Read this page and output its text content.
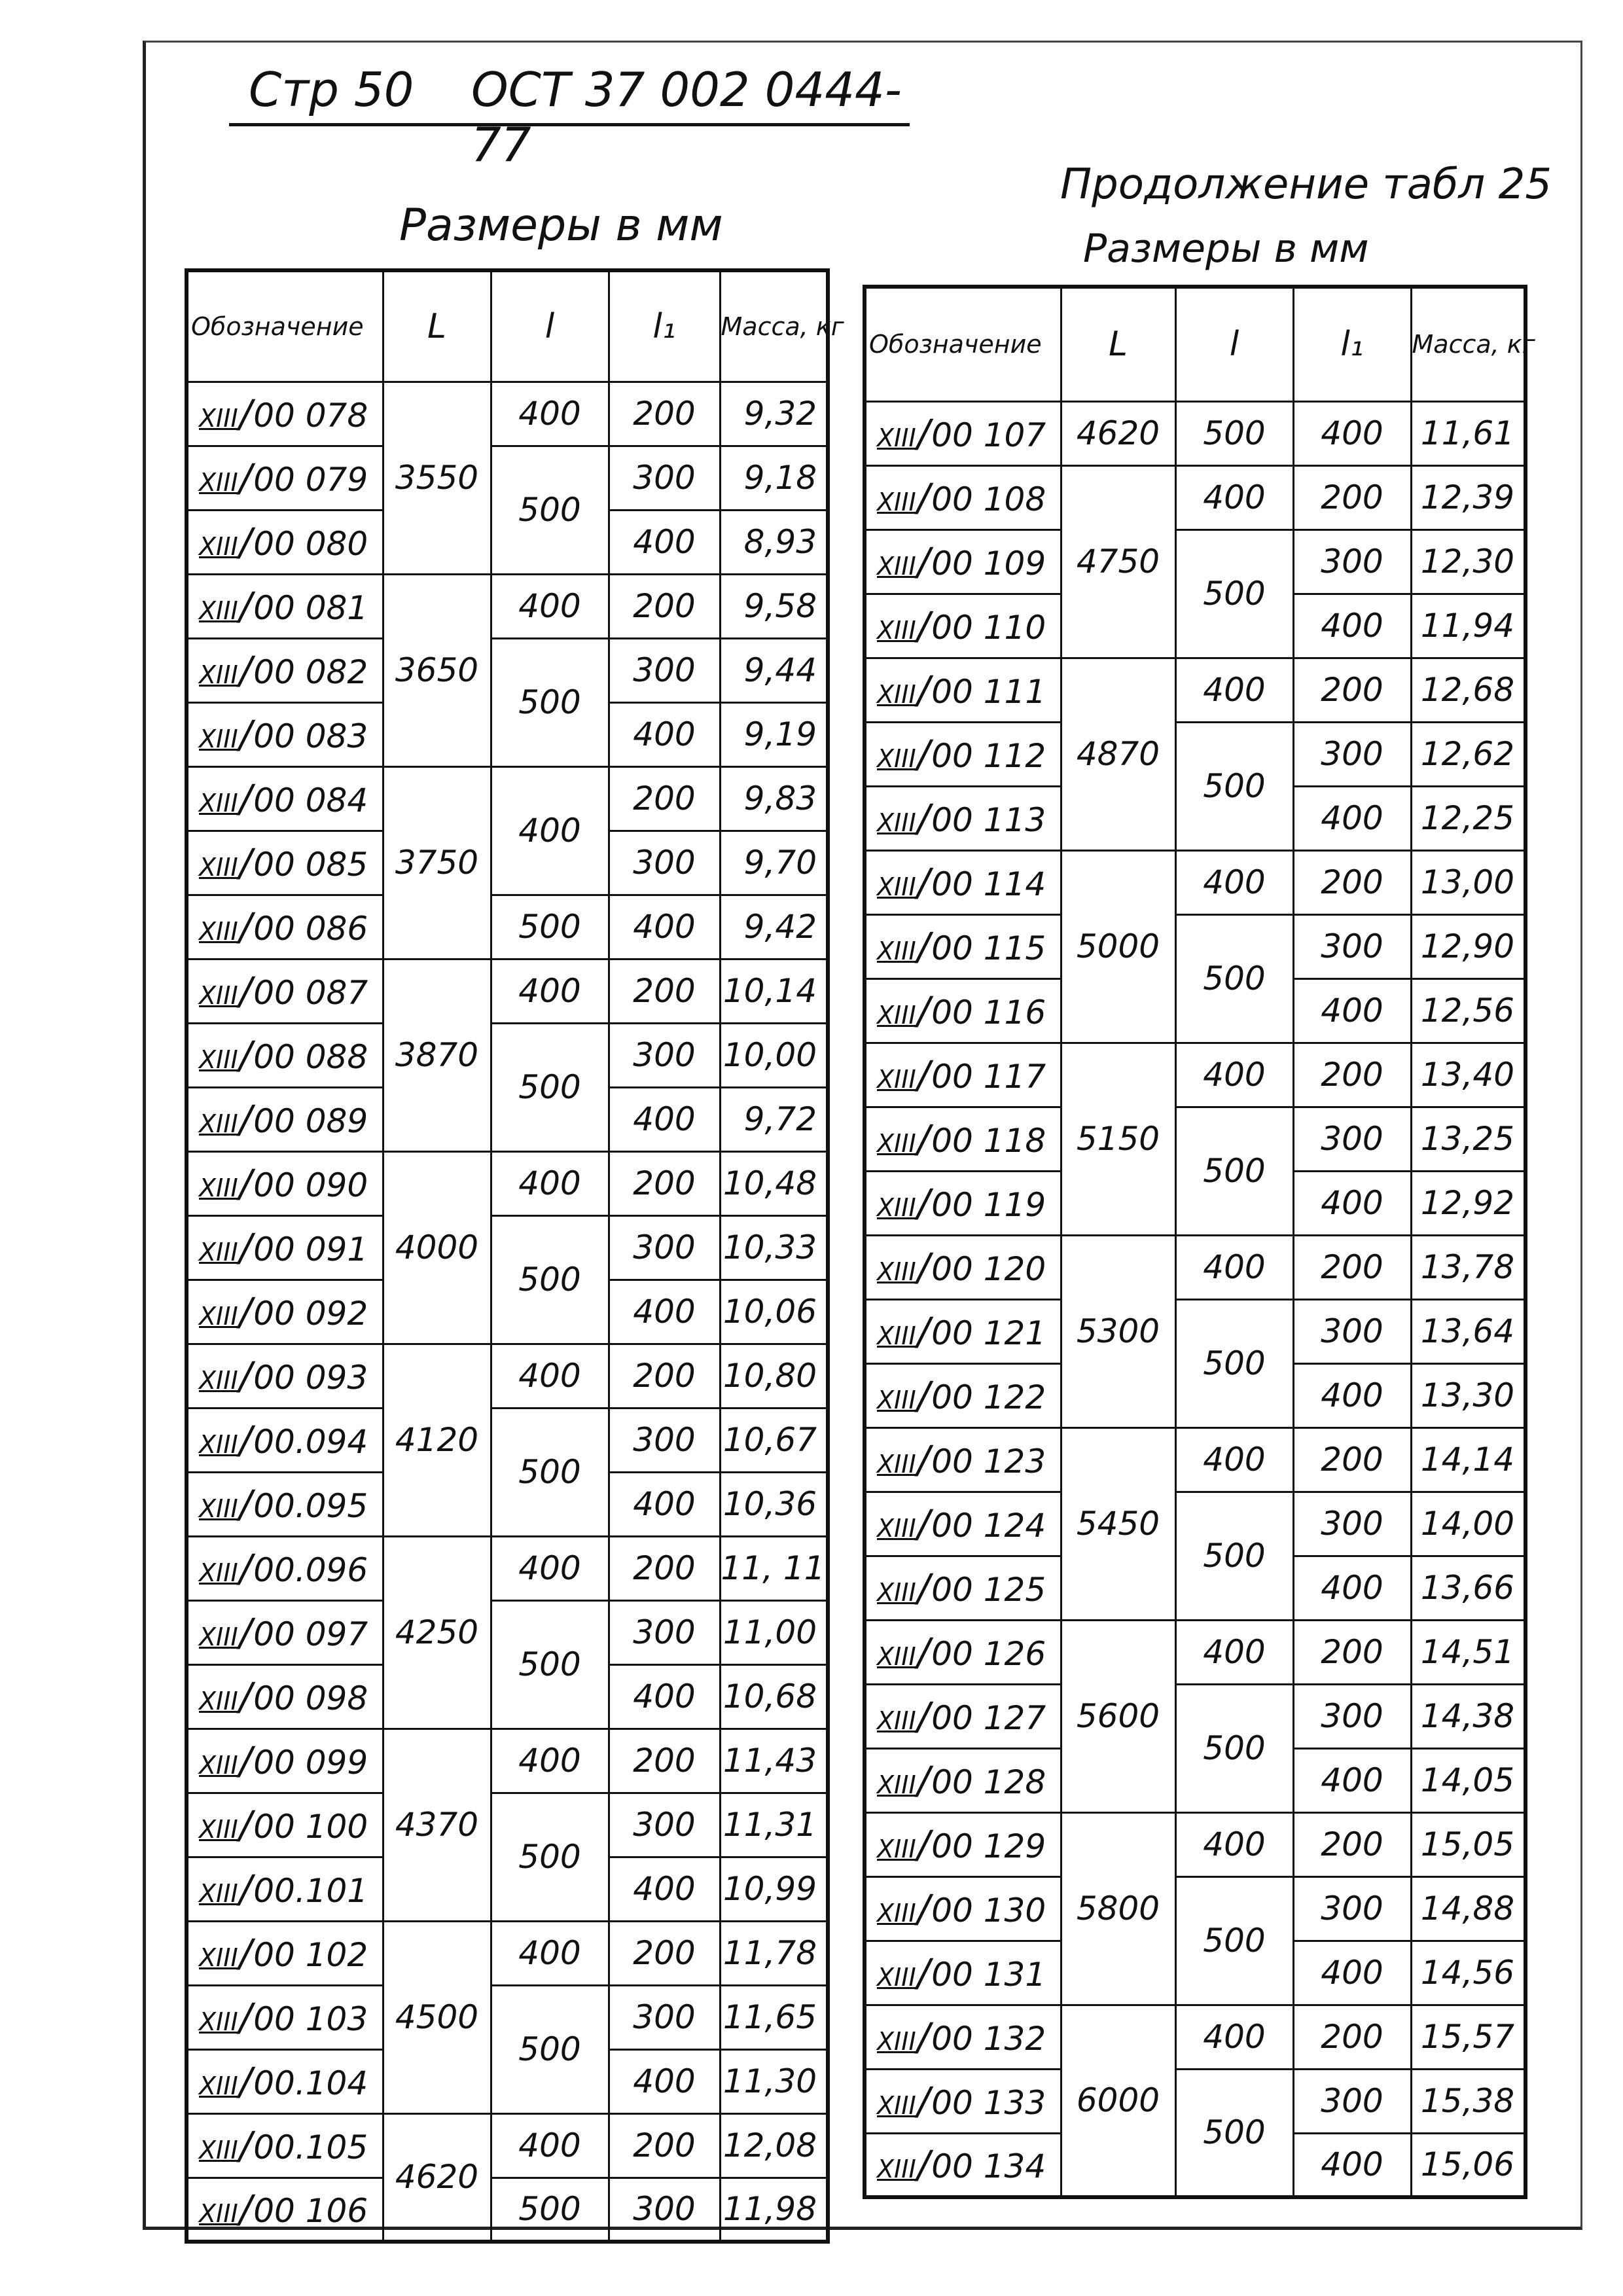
Стр 50 ОСТ 37 002 0444-77
Размеры в мм
Продолжение табл 25
Размеры в мм
Обозначение	L	l	l₁	Масса, кг
XIII/00 078	3550	400	200	9,32
XIII/00 079		500	300	9,18
XIII/00 080			400	8,93
XIII/00 081	3650	400	200	9,58
XIII/00 082		500	300	9,44
XIII/00 083			400	9,19
XIII/00 084	3750	400	200	9,83
XIII/00 085			300	9,70
XIII/00 086		500	400	9,42
XIII/00 087	3870	400	200	10,14
XIII/00 088		500	300	10,00
XIII/00 089			400	9,72
XIII/00 090	4000	400	200	10,48
XIII/00 091		500	300	10,33
XIII/00 092			400	10,06
XIII/00 093	4120	400	200	10,80
XIII/00.094		500	300	10,67
XIII/00.095			400	10,36
XIII/00.096	4250	400	200	11, 11
XIII/00 097		500	300	11,00
XIII/00 098			400	10,68
XIII/00 099	4370	400	200	11,43
XIII/00 100		500	300	11,31
XIII/00.101			400	10,99
XIII/00 102	4500	400	200	11,78
XIII/00 103		500	300	11,65
XIII/00.104			400	11,30
XIII/00.105	4620	400	200	12,08
XIII/00 106		500	300	11,98
Обозначение	L	l	l₁	Масса, кг
XIII/00 107	4620	500	400	11,61
XIII/00 108	4750	400	200	12,39
XIII/00 109		500	300	12,30
XIII/00 110			400	11,94
XIII/00 111	4870	400	200	12,68
XIII/00 112		500	300	12,62
XIII/00 113			400	12,25
XIII/00 114	5000	400	200	13,00
XIII/00 115		500	300	12,90
XIII/00 116			400	12,56
XIII/00 117	5150	400	200	13,40
XIII/00 118		500	300	13,25
XIII/00 119			400	12,92
XIII/00 120	5300	400	200	13,78
XIII/00 121		500	300	13,64
XIII/00 122			400	13,30
XIII/00 123	5450	400	200	14,14
XIII/00 124		500	300	14,00
XIII/00 125			400	13,66
XIII/00 126	5600	400	200	14,51
XIII/00 127		500	300	14,38
XIII/00 128			400	14,05
XIII/00 129	5800	400	200	15,05
XIII/00 130		500	300	14,88
XIII/00 131			400	14,56
XIII/00 132	6000	400	200	15,57
XIII/00 133		500	300	15,38
XIII/00 134			400	15,06
